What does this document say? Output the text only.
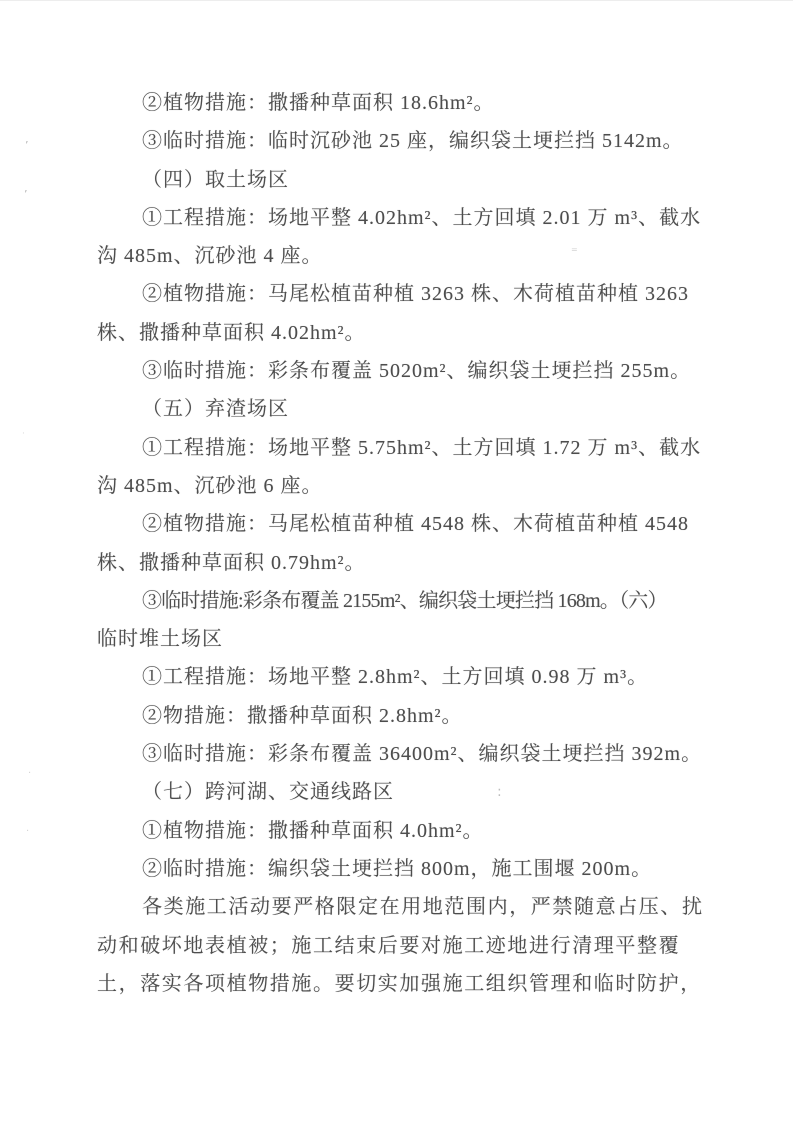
②植物措施：撒播种草面积 18.6hm²。
③临时措施：临时沉砂池 25 座，编织袋土埂拦挡 5142m。
（四）取土场区
①工程措施：场地平整 4.02hm²、土方回填 2.01 万 m³、截水
沟 485m、沉砂池 4 座。
②植物措施：马尾松植苗种植 3263 株、木荷植苗种植 3263
株、撒播种草面积 4.02hm²。
③临时措施：彩条布覆盖 5020m²、编织袋土埂拦挡 255m。
（五）弃渣场区
①工程措施：场地平整 5.75hm²、土方回填 1.72 万 m³、截水
沟 485m、沉砂池 6 座。
②植物措施：马尾松植苗种植 4548 株、木荷植苗种植 4548
株、撒播种草面积 0.79hm²。
③临时措施:彩条布覆盖 2155m²、编织袋土埂拦挡 168m。（六）
临时堆土场区
①工程措施：场地平整 2.8hm²、土方回填 0.98 万 m³。
②物措施：撒播种草面积 2.8hm²。
③临时措施：彩条布覆盖 36400m²、编织袋土埂拦挡 392m。
（七）跨河湖、交通线路区
①植物措施：撒播种草面积 4.0hm²。
②临时措施：编织袋土埂拦挡 800m，施工围堰 200m。
各类施工活动要严格限定在用地范围内，严禁随意占压、扰
动和破坏地表植被；施工结束后要对施工迹地进行清理平整覆
土，落实各项植物措施。要切实加强施工组织管理和临时防护，
’
’
=
:
·
·
·
